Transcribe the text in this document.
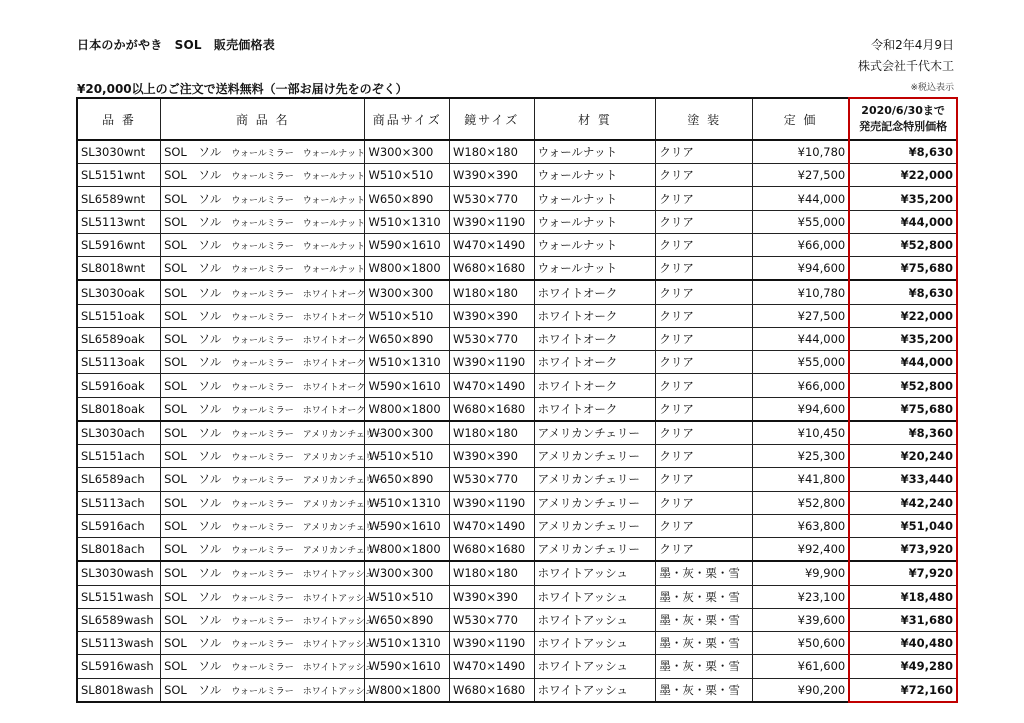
日本のかがやき　SOL　販売価格表	令和2年4月9日
株式会社千代木工
¥20,000以上のご注文で送料無料（一部お届け先をのぞく）	※税込表示
品 番	商 品 名	商品サイズ	鏡サイズ	材 質	塗 装	定 価	2020/6/30まで
発売記念特別価格

SL3030wnt	SOL　ソル ウォールミラー　ウォールナット	W300×300	W180×180	ウォールナット	クリア	¥10,780	¥8,630
SL5151wnt	SOL　ソル ウォールミラー　ウォールナット	W510×510	W390×390	ウォールナット	クリア	¥27,500	¥22,000
SL6589wnt	SOL　ソル ウォールミラー　ウォールナット	W650×890	W530×770	ウォールナット	クリア	¥44,000	¥35,200
SL5113wnt	SOL　ソル ウォールミラー　ウォールナット	W510×1310	W390×1190	ウォールナット	クリア	¥55,000	¥44,000
SL5916wnt	SOL　ソル ウォールミラー　ウォールナット	W590×1610	W470×1490	ウォールナット	クリア	¥66,000	¥52,800
SL8018wnt	SOL　ソル ウォールミラー　ウォールナット	W800×1800	W680×1680	ウォールナット	クリア	¥94,600	¥75,680
SL3030oak	SOL　ソル ウォールミラー　ホワイトオーク	W300×300	W180×180	ホワイトオーク	クリア	¥10,780	¥8,630
SL5151oak	SOL　ソル ウォールミラー　ホワイトオーク	W510×510	W390×390	ホワイトオーク	クリア	¥27,500	¥22,000
SL6589oak	SOL　ソル ウォールミラー　ホワイトオーク	W650×890	W530×770	ホワイトオーク	クリア	¥44,000	¥35,200
SL5113oak	SOL　ソル ウォールミラー　ホワイトオーク	W510×1310	W390×1190	ホワイトオーク	クリア	¥55,000	¥44,000
SL5916oak	SOL　ソル ウォールミラー　ホワイトオーク	W590×1610	W470×1490	ホワイトオーク	クリア	¥66,000	¥52,800
SL8018oak	SOL　ソル ウォールミラー　ホワイトオーク	W800×1800	W680×1680	ホワイトオーク	クリア	¥94,600	¥75,680
SL3030ach	SOL　ソル ウォールミラー　アメリカンチェリー	W300×300	W180×180	アメリカンチェリー	クリア	¥10,450	¥8,360
SL5151ach	SOL　ソル ウォールミラー　アメリカンチェリー	W510×510	W390×390	アメリカンチェリー	クリア	¥25,300	¥20,240
SL6589ach	SOL　ソル ウォールミラー　アメリカンチェリー	W650×890	W530×770	アメリカンチェリー	クリア	¥41,800	¥33,440
SL5113ach	SOL　ソル ウォールミラー　アメリカンチェリー	W510×1310	W390×1190	アメリカンチェリー	クリア	¥52,800	¥42,240
SL5916ach	SOL　ソル ウォールミラー　アメリカンチェリー	W590×1610	W470×1490	アメリカンチェリー	クリア	¥63,800	¥51,040
SL8018ach	SOL　ソル ウォールミラー　アメリカンチェリー	W800×1800	W680×1680	アメリカンチェリー	クリア	¥92,400	¥73,920
SL3030wash	SOL　ソル ウォールミラー　ホワイトアッシュ	W300×300	W180×180	ホワイトアッシュ	墨・灰・栗・雪	¥9,900	¥7,920
SL5151wash	SOL　ソル ウォールミラー　ホワイトアッシュ	W510×510	W390×390	ホワイトアッシュ	墨・灰・栗・雪	¥23,100	¥18,480
SL6589wash	SOL　ソル ウォールミラー　ホワイトアッシュ	W650×890	W530×770	ホワイトアッシュ	墨・灰・栗・雪	¥39,600	¥31,680
SL5113wash	SOL　ソル ウォールミラー　ホワイトアッシュ	W510×1310	W390×1190	ホワイトアッシュ	墨・灰・栗・雪	¥50,600	¥40,480
SL5916wash	SOL　ソル ウォールミラー　ホワイトアッシュ	W590×1610	W470×1490	ホワイトアッシュ	墨・灰・栗・雪	¥61,600	¥49,280
SL8018wash	SOL　ソル ウォールミラー　ホワイトアッシュ	W800×1800	W680×1680	ホワイトアッシュ	墨・灰・栗・雪	¥90,200	¥72,160
